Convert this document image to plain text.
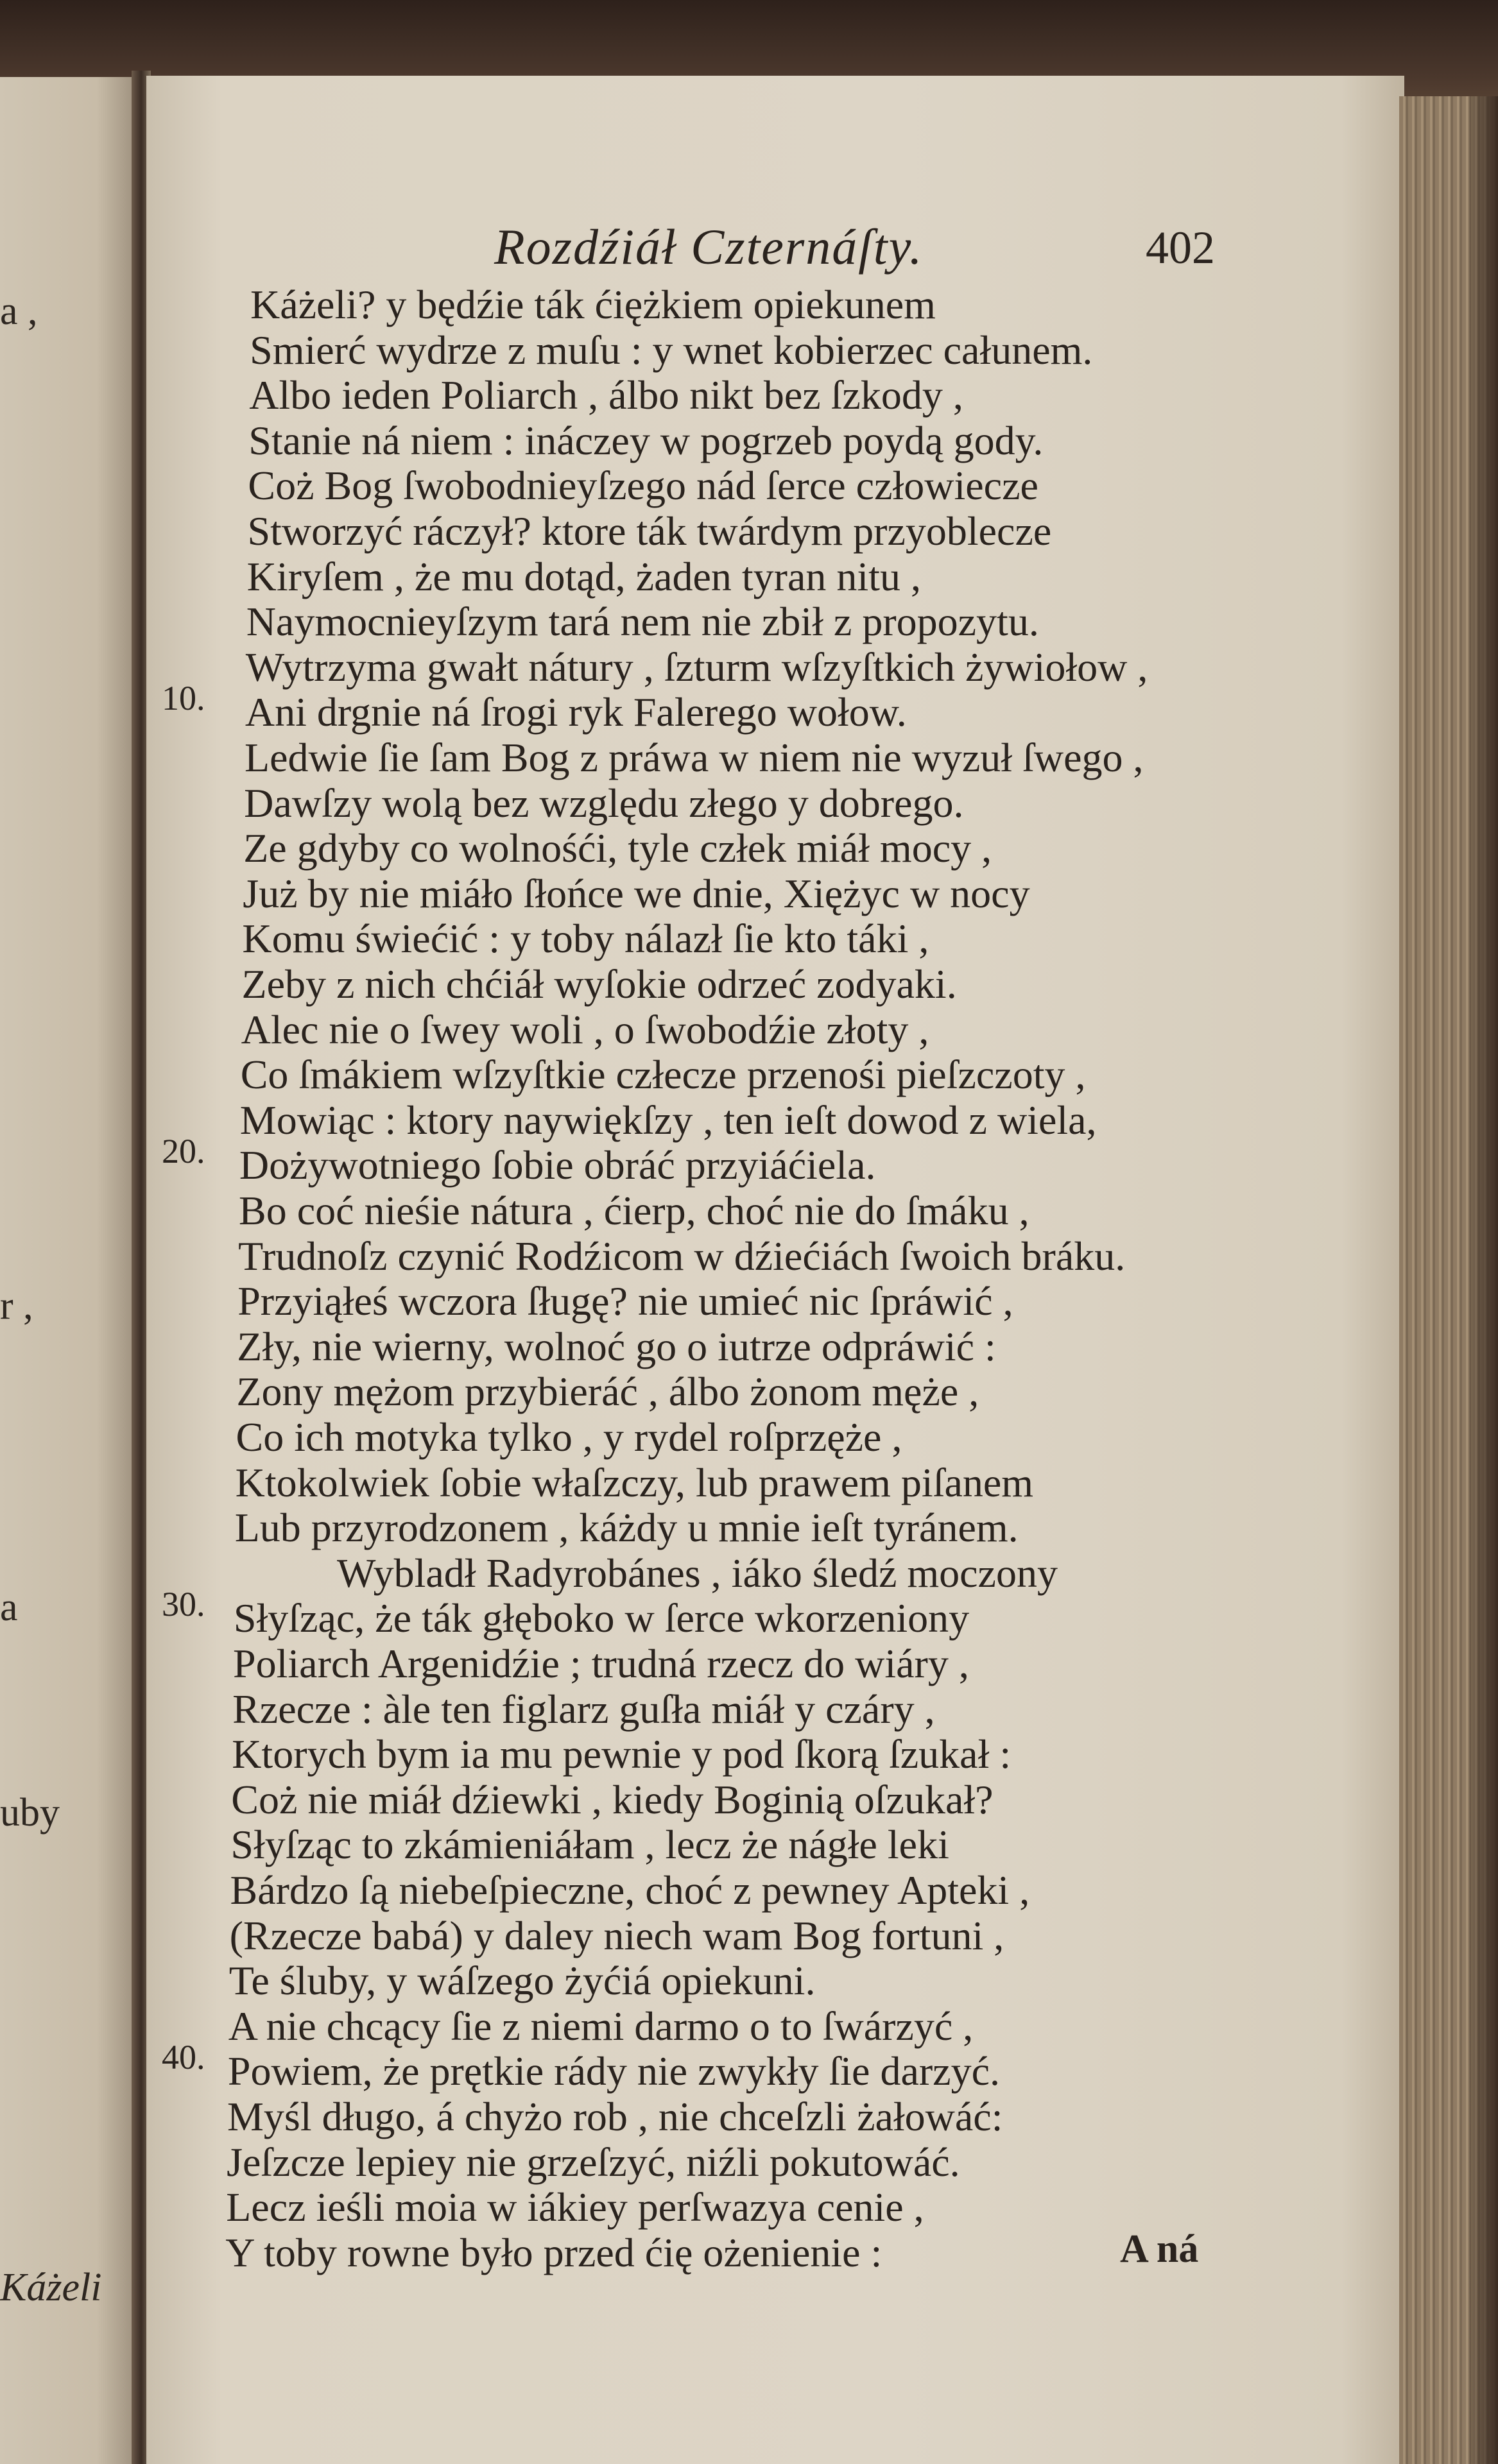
a ,
r ,
a
uby
Káżeli
Rozdźiáł Czternáſty.	402
Káżeli? y będźie ták ćiężkiem opiekunem
Smierć wydrze z muſu : y wnet kobierzec całunem.
Albo ieden Poliarch , álbo nikt bez ſzkody ,
Stanie ná niem : ináczey w pogrzeb poydą gody.
Coż Bog ſwobodnieyſzego nád ſerce człowiecze
Stworzyć ráczył? ktore ták twárdym przyoblecze
Kiryſem , że mu dotąd, żaden tyran nitu ,
Naymocnieyſzym tará nem nie zbił z propozytu.
Wytrzyma gwałt nátury , ſzturm wſzyſtkich żywiołow ,
Ani drgnie ná ſrogi ryk Falerego wołow.
Ledwie ſie ſam Bog z práwa w niem nie wyzuł ſwego ,
Dawſzy wolą bez względu złego y dobrego.
Ze gdyby co wolnośći, tyle człek miáł mocy ,
Już by nie miáło ſłońce we dnie, Xiężyc w nocy
Komu świećić : y toby nálazł ſie kto táki ,
Zeby z nich chćiáł wyſokie odrzeć zodyaki.
Alec nie o ſwey woli , o ſwobodźie złoty ,
Co ſmákiem wſzyſtkie człecze przenośi pieſzczoty ,
Mowiąc : ktory naywiękſzy , ten ieſt dowod z wiela,
Dożywotniego ſobie obráć przyiáćiela.
Bo coć nieśie nátura , ćierp, choć nie do ſmáku ,
Trudnoſz czynić Rodźicom w dźiećiách ſwoich bráku.
Przyiąłeś wczora ſługę? nie umieć nic ſpráwić ,
Zły, nie wierny, wolnoć go o iutrze odpráwić :
Zony mężom przybieráć , álbo żonom męże ,
Co ich motyka tylko , y rydel roſprzęże ,
Ktokolwiek ſobie właſzczy, lub prawem piſanem
Lub przyrodzonem , káżdy u mnie ieſt tyránem.
Wybladł Radyrobánes , iáko śledź moczony
Słyſząc, że ták głęboko w ſerce wkorzeniony
Poliarch Argenidźie ; trudná rzecz do wiáry ,
Rzecze : àle ten figlarz guſła miáł y czáry ,
Ktorych bym ia mu pewnie y pod ſkorą ſzukał :
Coż nie miáł dźiewki , kiedy Boginią oſzukał?
Słyſząc to zkámieniáłam , lecz że nágłe leki
Bárdzo ſą niebeſpieczne, choć z pewney Apteki ,
(Rzecze babá) y daley niech wam Bog fortuni ,
Te śluby, y wáſzego żyćiá opiekuni.
A nie chcący ſie z niemi darmo o to ſwárzyć ,
Powiem, że prętkie rády nie zwykły ſie darzyć.
Myśl długo, á chyżo rob , nie chceſzli żałowáć:
Jeſzcze lepiey nie grzeſzyć, niźli pokutowáć.
Lecz ieśli moia w iákiey perſwazya cenie ,
Y toby rowne było przed ćię ożenienie :
10.
20.
30.
40.
A ná
